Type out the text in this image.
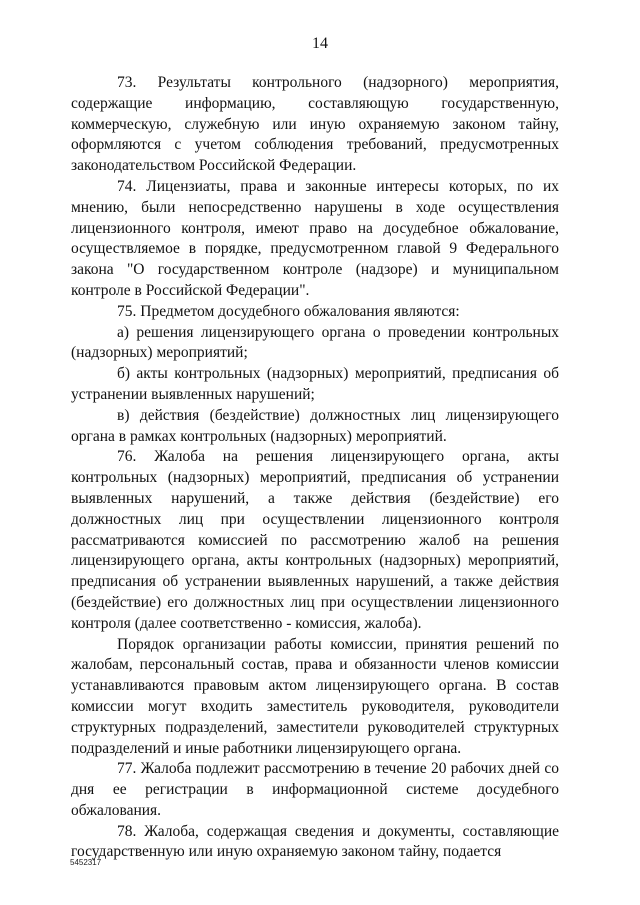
14

73. Результаты контрольного (надзорного) мероприятия, содержащие информацию, составляющую государственную, коммерческую, служебную или иную охраняемую законом тайну, оформляются с учетом соблюдения требований, предусмотренных законодательством Российской Федерации.

74. Лицензиаты, права и законные интересы которых, по их мнению, были непосредственно нарушены в ходе осуществления лицензионного контроля, имеют право на досудебное обжалование, осуществляемое в порядке, предусмотренном главой 9 Федерального закона "О государственном контроле (надзоре) и муниципальном контроле в Российской Федерации".

75. Предметом досудебного обжалования являются:

а) решения лицензирующего органа о проведении контрольных (надзорных) мероприятий;

б) акты контрольных (надзорных) мероприятий, предписания об устранении выявленных нарушений;

в) действия (бездействие) должностных лиц лицензирующего органа в рамках контрольных (надзорных) мероприятий.

76. Жалоба на решения лицензирующего органа, акты контрольных (надзорных) мероприятий, предписания об устранении выявленных нарушений, а также действия (бездействие) его должностных лиц при осуществлении лицензионного контроля рассматриваются комиссией по рассмотрению жалоб на решения лицензирующего органа, акты контрольных (надзорных) мероприятий, предписания об устранении выявленных нарушений, а также действия (бездействие) его должностных лиц при осуществлении лицензионного контроля (далее соответственно - комиссия, жалоба).

Порядок организации работы комиссии, принятия решений по жалобам, персональный состав, права и обязанности членов комиссии устанавливаются правовым актом лицензирующего органа. В состав комиссии могут входить заместитель руководителя, руководители структурных подразделений, заместители руководителей структурных подразделений и иные работники лицензирующего органа.

77. Жалоба подлежит рассмотрению в течение 20 рабочих дней со дня ее регистрации в информационной системе досудебного обжалования.

78. Жалоба, содержащая сведения и документы, составляющие государственную или иную охраняемую законом тайну, подается

5452317
